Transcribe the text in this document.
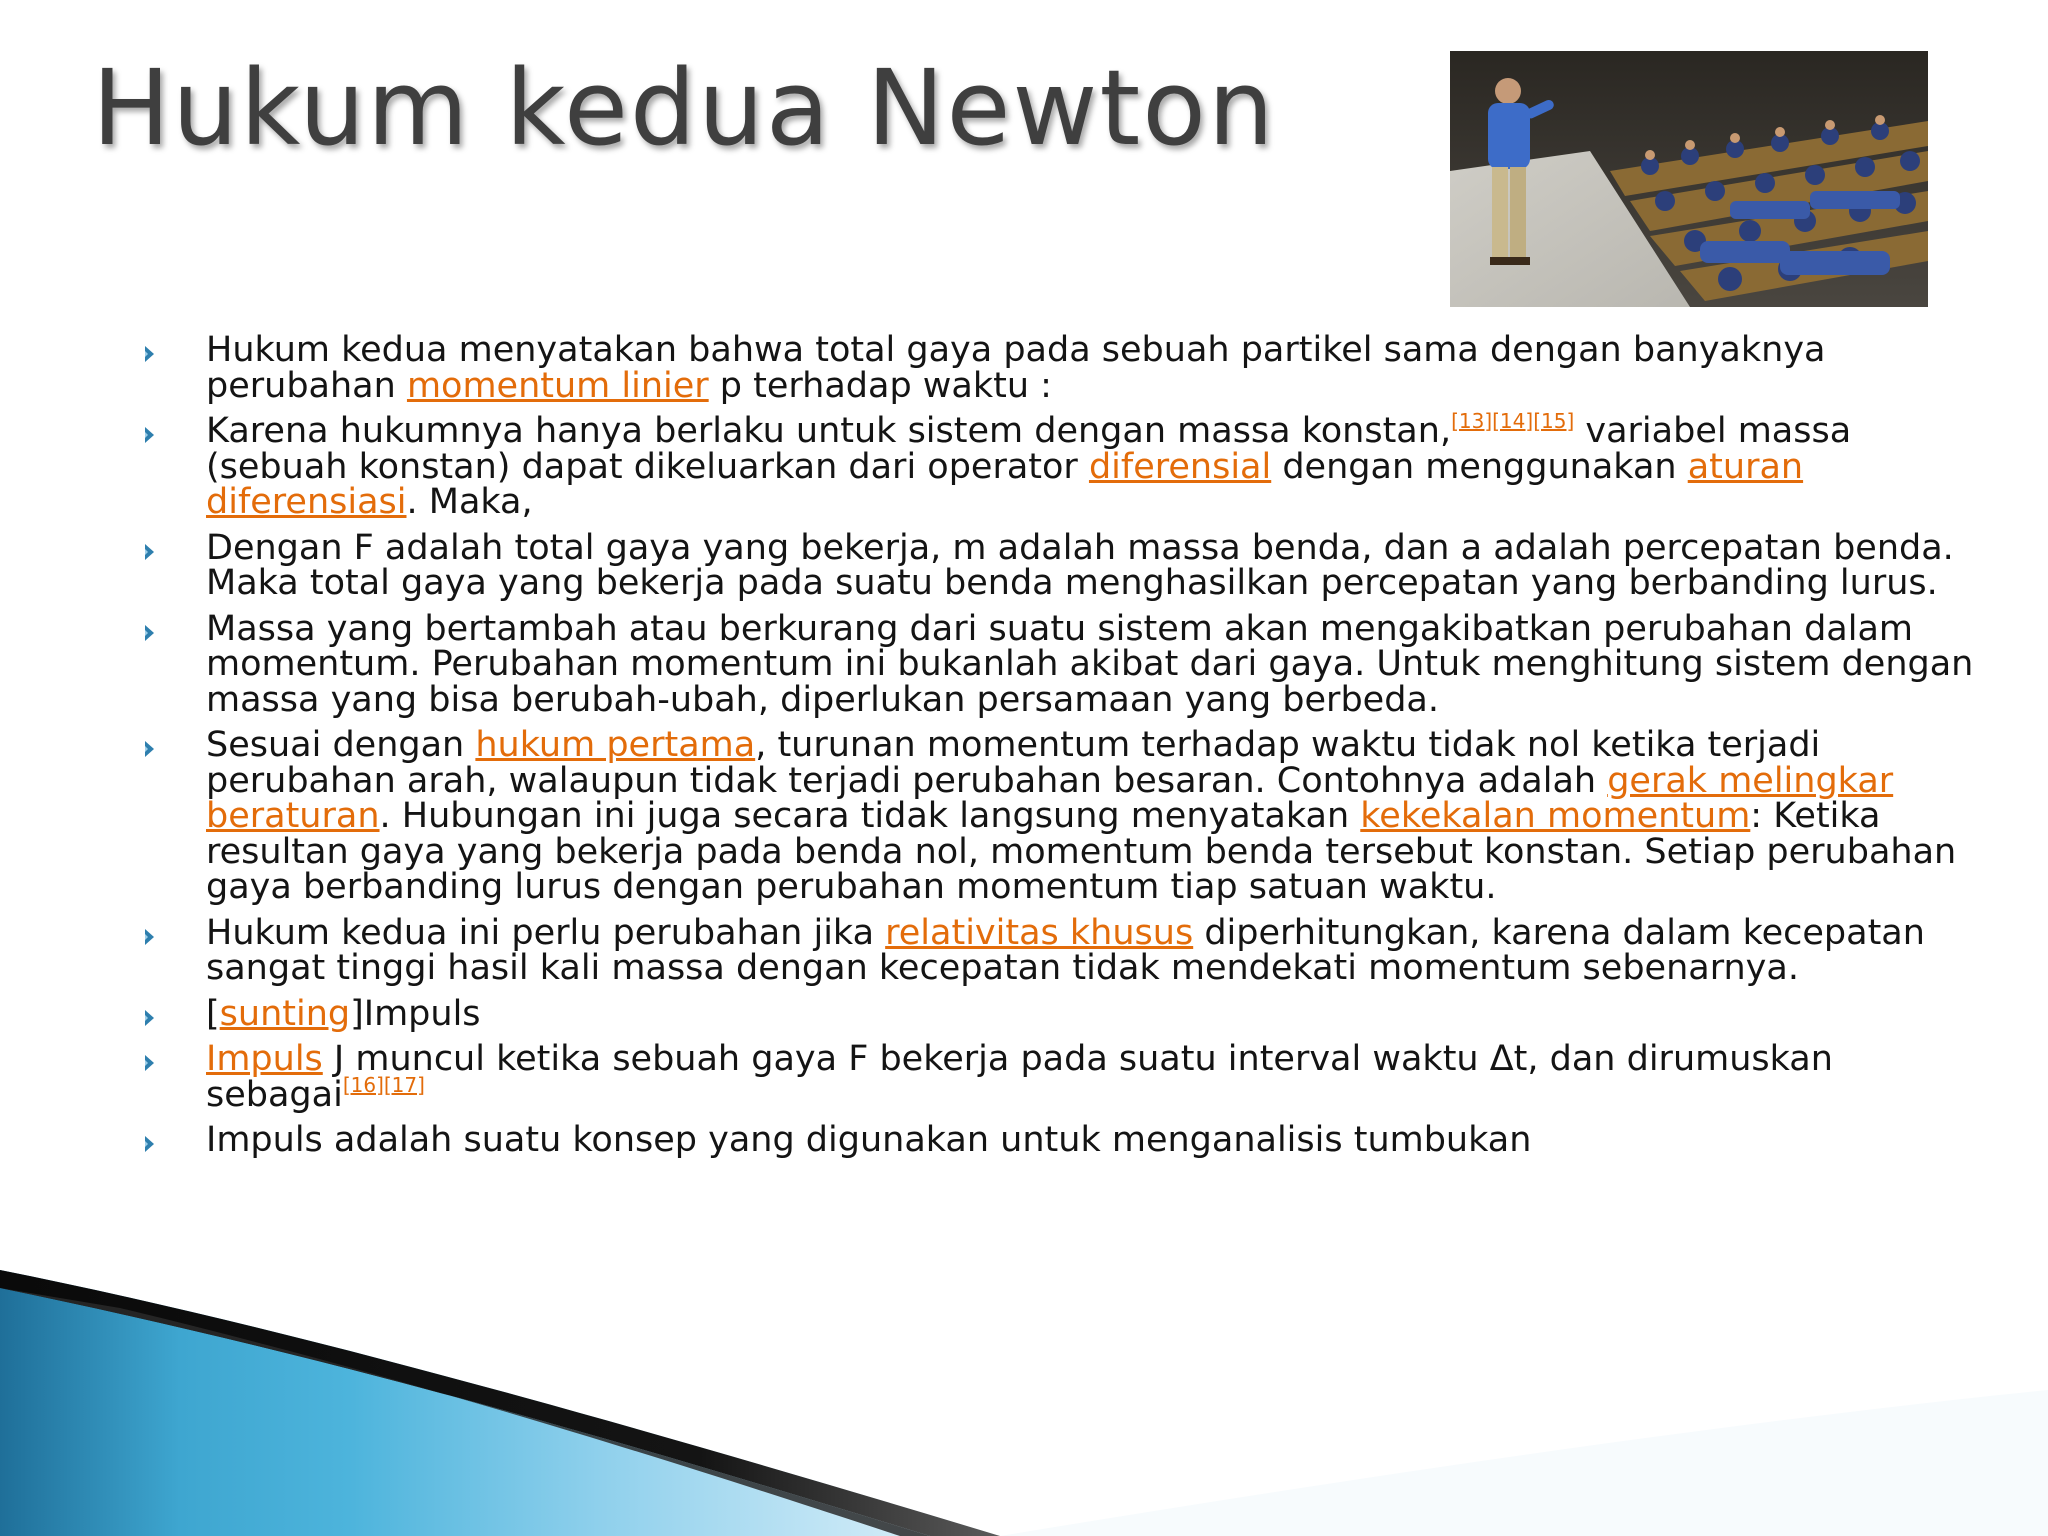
Hukum kedua Newton
Hukum kedua menyatakan bahwa total gaya pada sebuah partikel sama dengan banyaknya perubahan momentum linier p terhadap waktu :
Karena hukumnya hanya berlaku untuk sistem dengan massa konstan,[13][14][15] variabel massa (sebuah konstan) dapat dikeluarkan dari operator diferensial dengan menggunakan aturan diferensiasi. Maka,
Dengan F adalah total gaya yang bekerja, m adalah massa benda, dan a adalah percepatan benda. Maka total gaya yang bekerja pada suatu benda menghasilkan percepatan yang berbanding lurus.
Massa yang bertambah atau berkurang dari suatu sistem akan mengakibatkan perubahan dalam momentum. Perubahan momentum ini bukanlah akibat dari gaya. Untuk menghitung sistem dengan massa yang bisa berubah-ubah, diperlukan persamaan yang berbeda.
Sesuai dengan hukum pertama, turunan momentum terhadap waktu tidak nol ketika terjadi perubahan arah, walaupun tidak terjadi perubahan besaran. Contohnya adalah gerak melingkar beraturan. Hubungan ini juga secara tidak langsung menyatakan kekekalan momentum: Ketika resultan gaya yang bekerja pada benda nol, momentum benda tersebut konstan. Setiap perubahan gaya berbanding lurus dengan perubahan momentum tiap satuan waktu.
Hukum kedua ini perlu perubahan jika relativitas khusus diperhitungkan, karena dalam kecepatan sangat tinggi hasil kali massa dengan kecepatan tidak mendekati momentum sebenarnya.
[sunting]Impuls
Impuls J muncul ketika sebuah gaya F bekerja pada suatu interval waktu Δt, dan dirumuskan sebagai[16][17]
Impuls adalah suatu konsep yang digunakan untuk menganalisis tumbukan
